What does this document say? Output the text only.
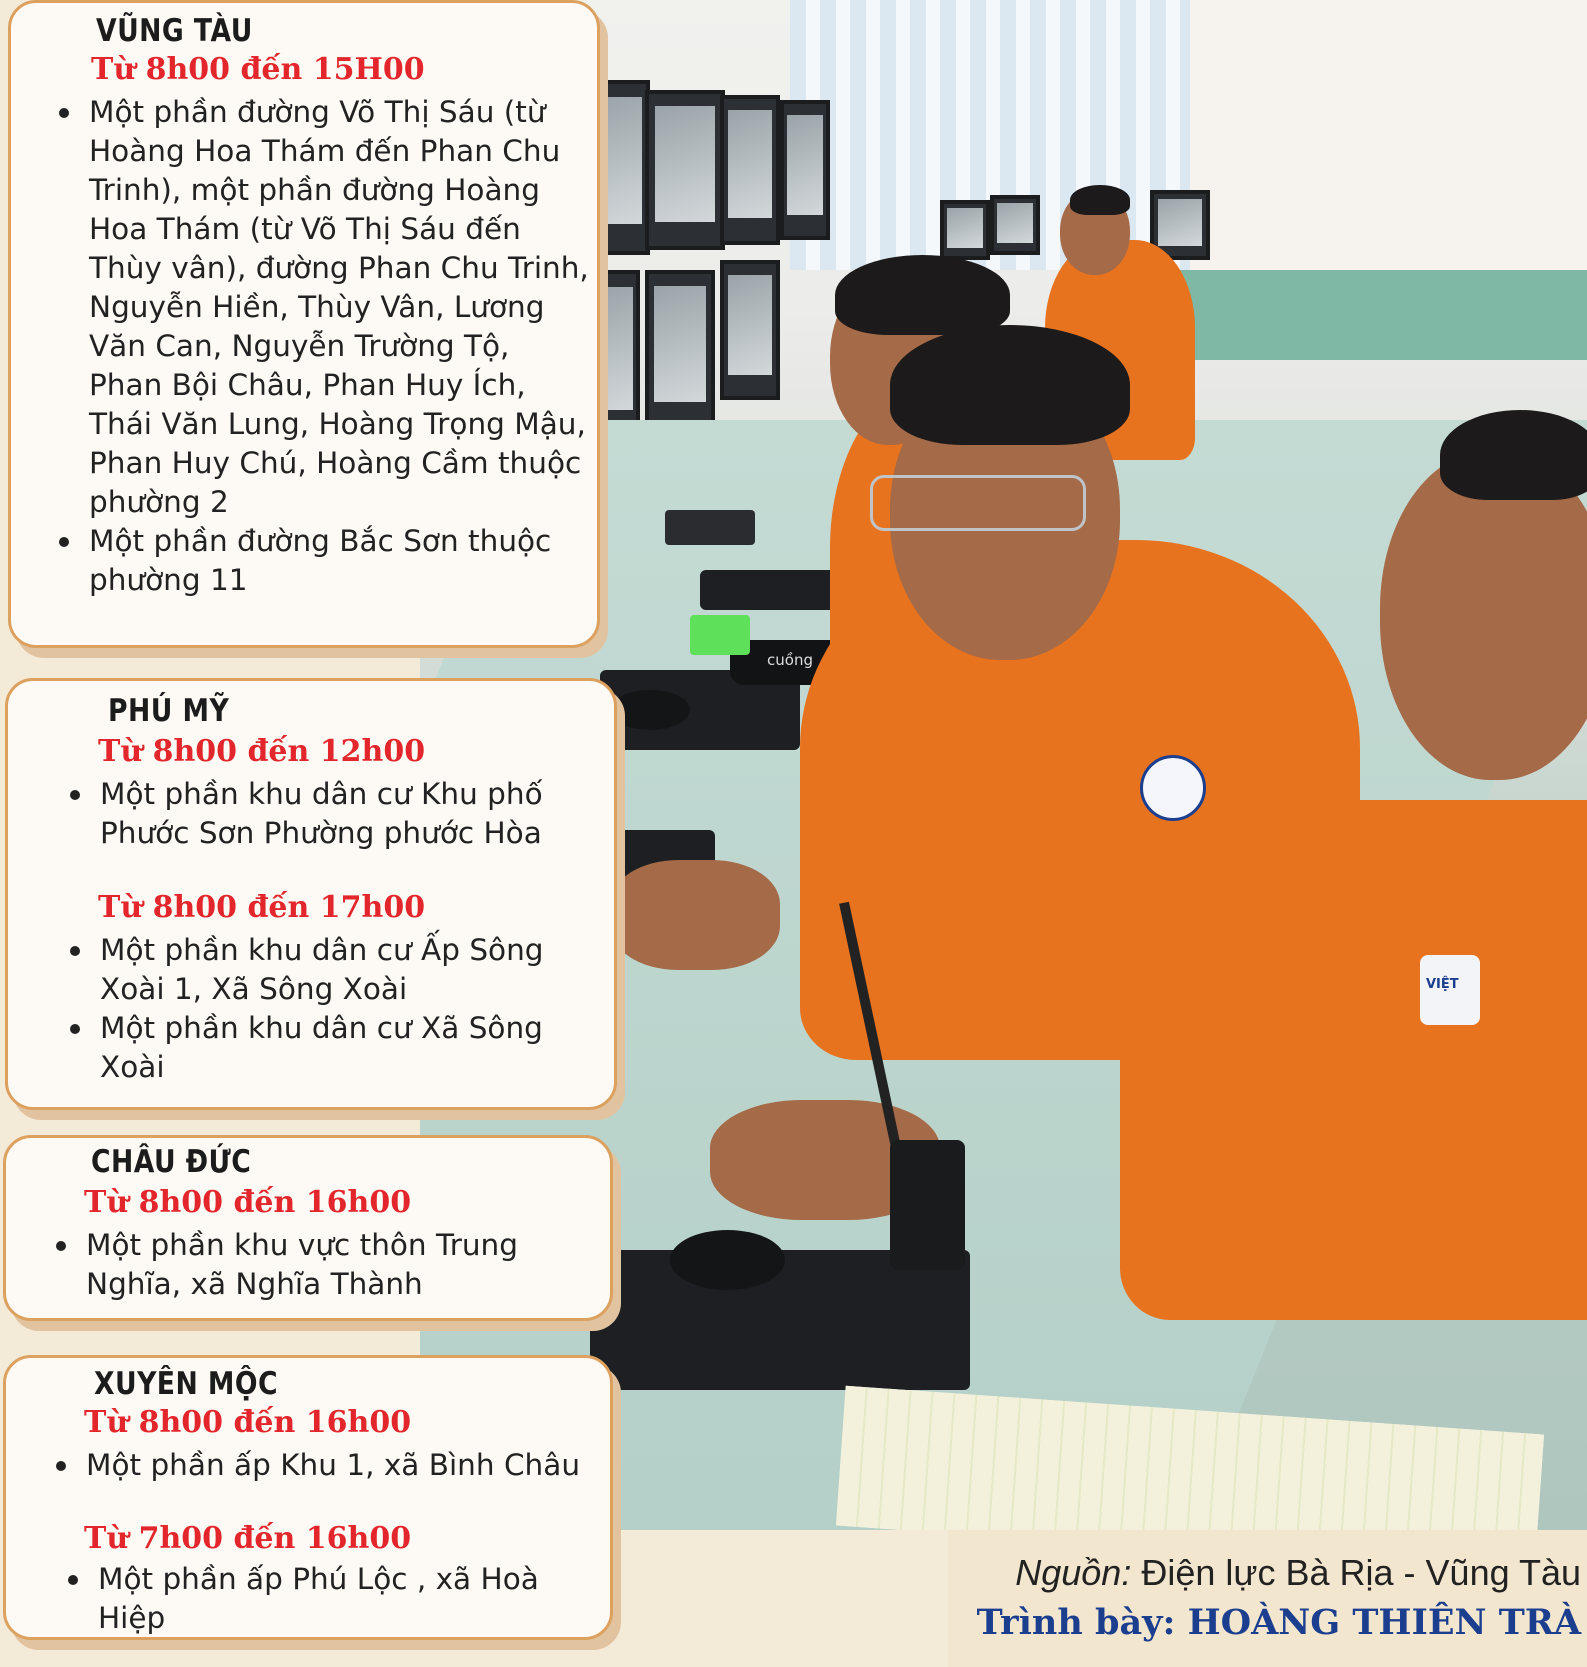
cuồng
VIỆT
VŨNG TÀU

Từ 8h00 đến 15H00

Một phần đường Võ Thị Sáu (từ Hoàng Hoa Thám đến Phan Chu Trinh), một phần đường Hoàng Hoa Thám (từ Võ Thị Sáu đến Thùy vân), đường Phan Chu Trinh, Nguyễn Hiền, Thùy Vân, Lương Văn Can, Nguyễn Trường Tộ, Phan Bội Châu, Phan Huy Ích, Thái Văn Lung, Hoàng Trọng Mậu, Phan Huy Chú, Hoàng Cầm thuộc phường 2
Một phần đường Bắc Sơn thuộc phường 11
PHÚ MỸ

Từ 8h00 đến 12h00

Một phần khu dân cư Khu phố Phước Sơn Phường phước Hòa

Từ 8h00 đến 17h00

Một phần khu dân cư Ấp Sông Xoài 1, Xã Sông Xoài
Một phần khu dân cư Xã Sông Xoài
CHÂU ĐỨC

Từ 8h00 đến 16h00

Một phần khu vực thôn Trung Nghĩa, xã Nghĩa Thành
XUYÊN MỘC

Từ 8h00 đến 16h00

Một phần ấp Khu 1, xã Bình Châu

Từ 7h00 đến 16h00

Một phần ấp Phú Lộc , xã Hoà Hiệp
Nguồn: Điện lực Bà Rịa - Vũng Tàu
Trình bày: HOÀNG THIÊN TRÀ
